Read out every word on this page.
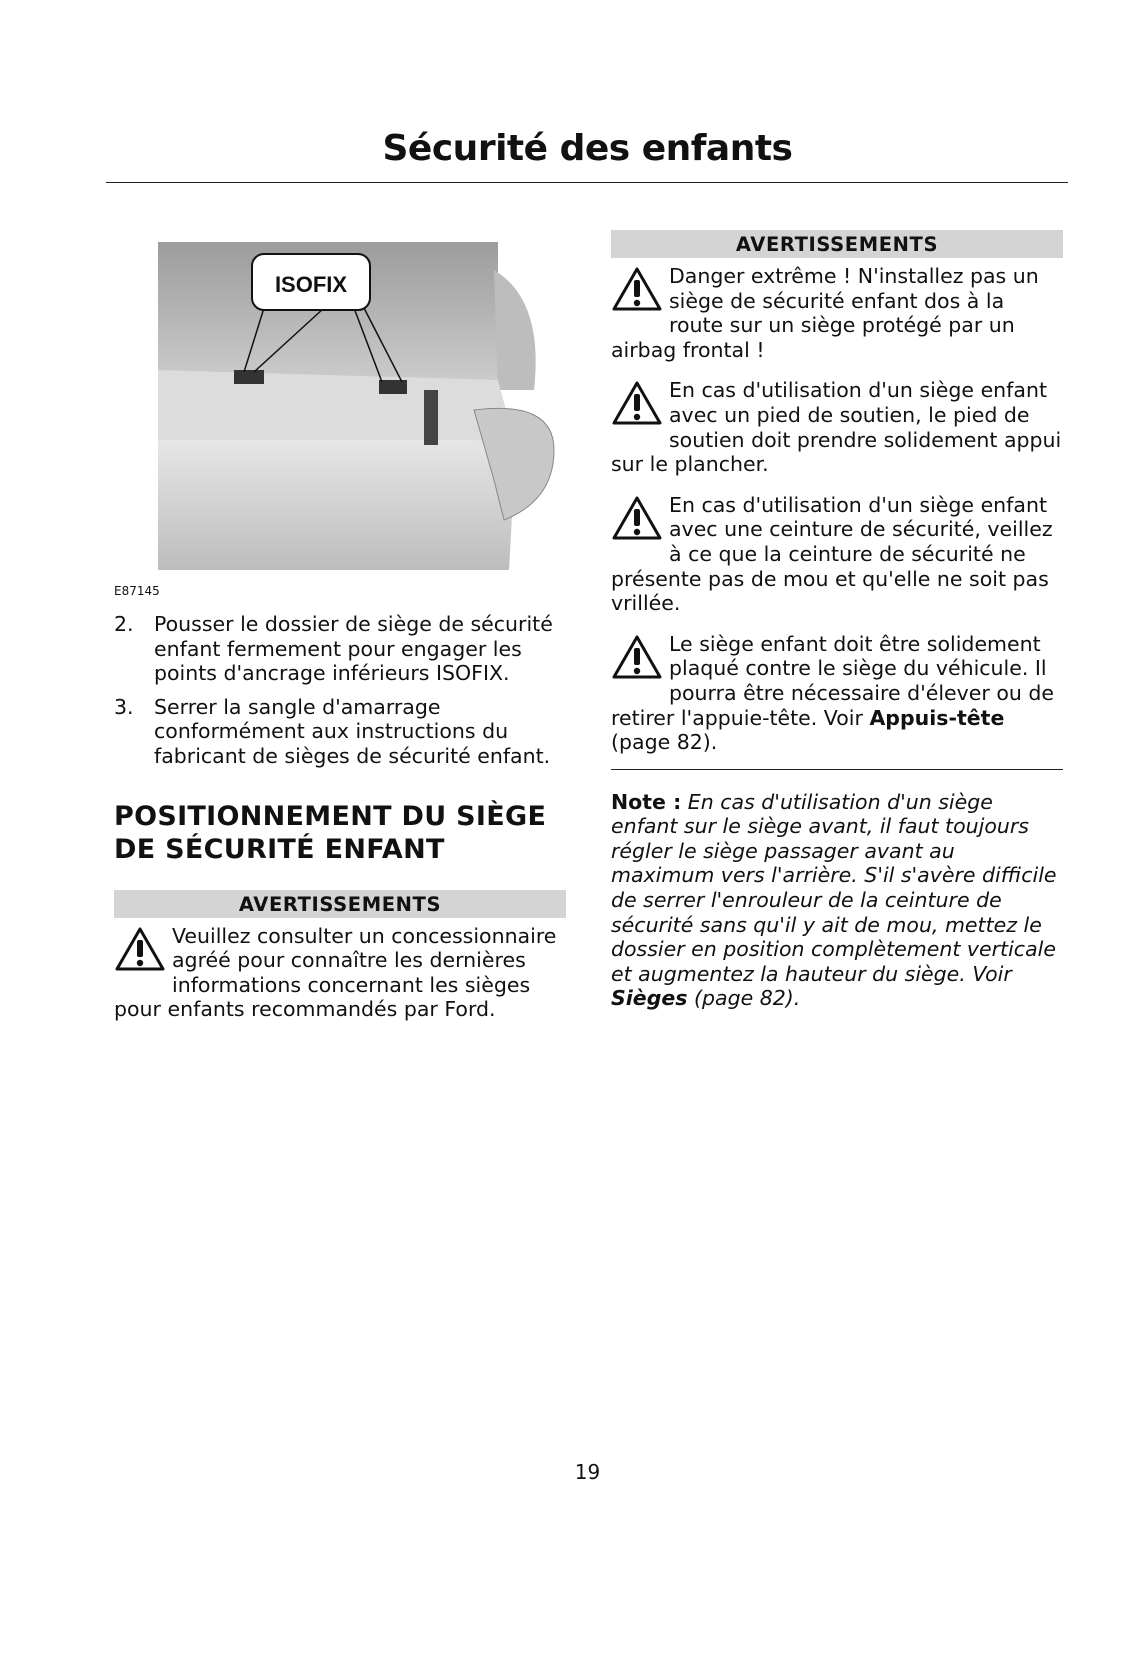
Sécurité des enfants
ISOFIX
E87145
2. Pousser le dossier de siège de sécurité enfant fermement pour engager les points d'ancrage inférieurs ISOFIX.
3. Serrer la sangle d'amarrage conformément aux instructions du fabricant de sièges de sécurité enfant.
POSITIONNEMENT DU SIÈGE DE SÉCURITÉ ENFANT
AVERTISSEMENTS
Veuillez consulter un concessionnaire agréé pour connaître les dernières informations concernant les sièges pour enfants recommandés par Ford.
AVERTISSEMENTS
Danger extrême ! N'installez pas un siège de sécurité enfant dos à la route sur un siège protégé par un airbag frontal !
En cas d'utilisation d'un siège enfant avec un pied de soutien, le pied de soutien doit prendre solidement appui sur le plancher.
En cas d'utilisation d'un siège enfant avec une ceinture de sécurité, veillez à ce que la ceinture de sécurité ne présente pas de mou et qu'elle ne soit pas vrillée.
Le siège enfant doit être solidement plaqué contre le siège du véhicule. Il pourra être nécessaire d'élever ou de retirer l'appuie-tête. Voir Appuis-tête (page 82).
Note : En cas d'utilisation d'un siège enfant sur le siège avant, il faut toujours régler le siège passager avant au maximum vers l'arrière. S'il s'avère difficile de serrer l'enrouleur de la ceinture de sécurité sans qu'il y ait de mou, mettez le dossier en position complètement verticale et augmentez la hauteur du siège. Voir Sièges (page 82).
19
